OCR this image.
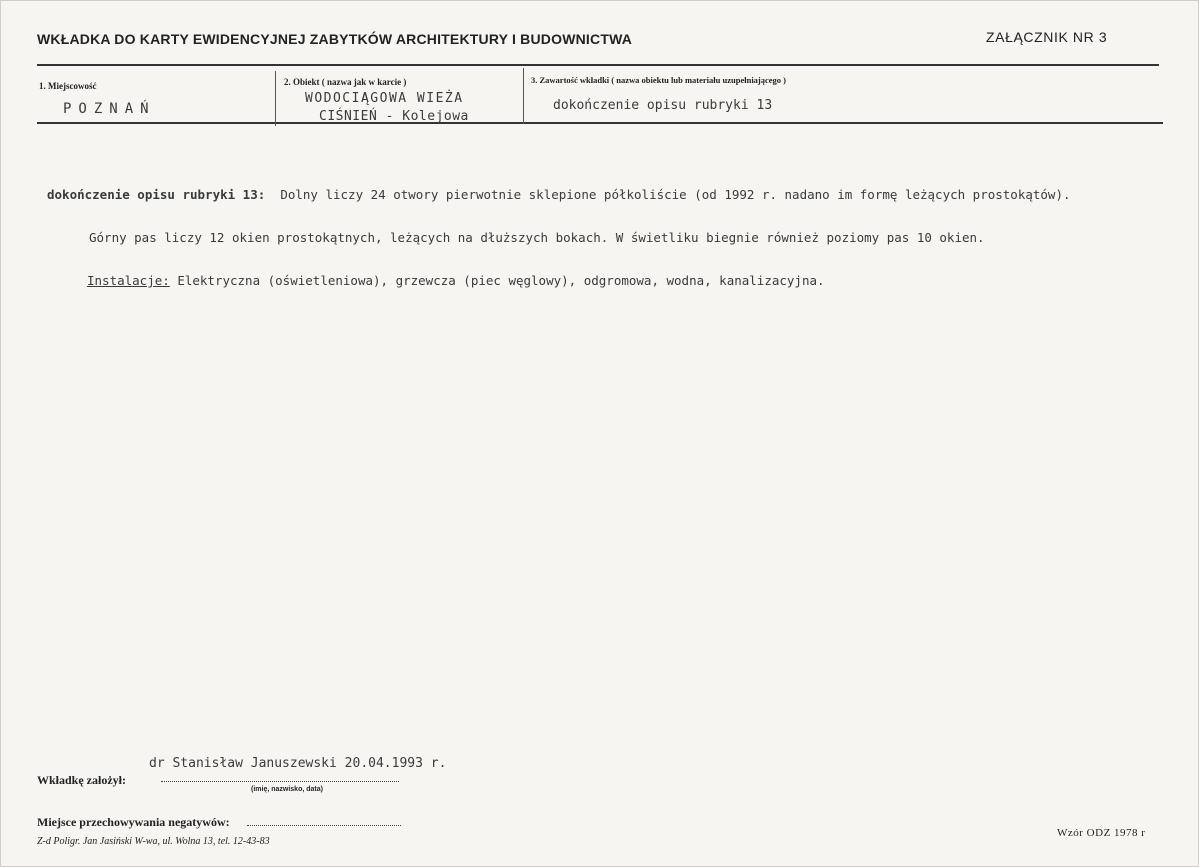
WKŁADKA DO KARTY EWIDENCYJNEJ ZABYTKÓW ARCHITEKTURY I BUDOWNICTWA	ZAŁĄCZNIK NR 3
1. Miejscowość
POZNAŃ
2. Obiekt ( nazwa jak w karcie )
WODOCIĄGOWA WIEŻA
CIŚNIEŃ - Kolejowa
3. Zawartość wkładki ( nazwa obiektu lub materiału uzupełniającego )
dokończenie opisu rubryki 13
dokończenie opisu rubryki 13: Dolny liczy 24 otwory pierwotnie sklepione półkoliście (od 1992 r. nadano im formę leżących prostokątów).
Górny pas liczy 12 okien prostokątnych, leżących na dłuższych bokach. W świetliku biegnie również poziomy pas 10 okien.
Instalacje: Elektryczna (oświetleniowa), grzewcza (piec węglowy), odgromowa, wodna, kanalizacyjna.
dr Stanisław Januszewski 20.04.1993 r.
Wkładkę założył:
(imię, nazwisko, data)
Miejsce przechowywania negatywów:
Z-d Poligr. Jan Jasiński W-wa, ul. Wolna 13, tel. 12-43-83
Wzór ODZ 1978 r
